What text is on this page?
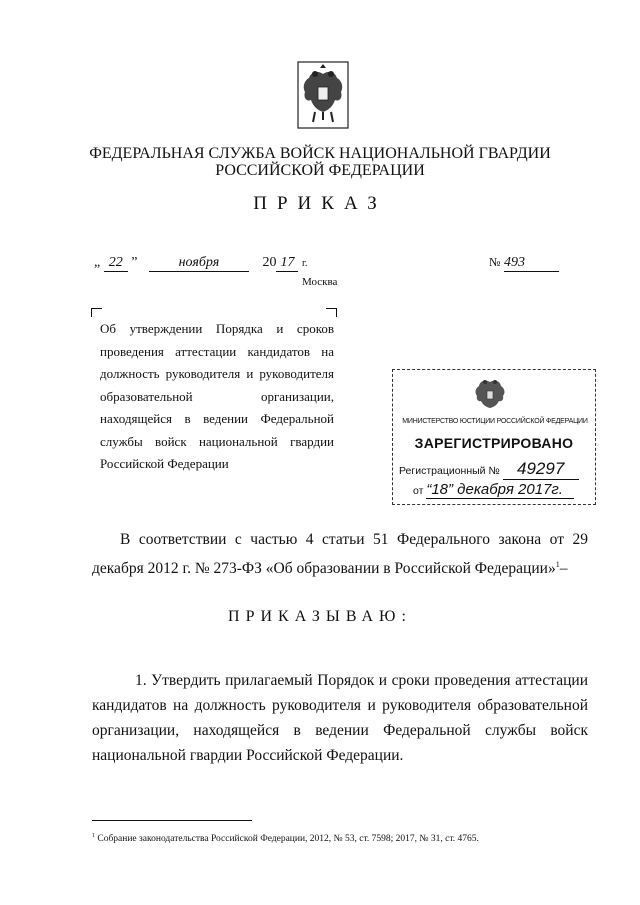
ФЕДЕРАЛЬНАЯ СЛУЖБА ВОЙСК НАЦИОНАЛЬНОЙ ГВАРДИИ
РОССИЙСКОЙ ФЕДЕРАЦИИ
ПРИКАЗ
„ 22 ”	ноября	20 17 г.	№ 493
Москва
Об утверждении Порядка и сроков проведения аттестации кандидатов на должность руководителя и руководителя образовательной организации, находящейся в ведении Федеральной службы войск национальной гвардии Российской Федерации
МИНИСТЕРСТВО ЮСТИЦИИ РОССИЙСКОЙ ФЕДЕРАЦИИ
ЗАРЕГИСТРИРОВАНО
Регистрационный № 49297
от “18” декабря 2017г.
В соответствии с частью 4 статьи 51 Федерального закона от 29 декабря 2012 г. № 273-ФЗ «Об образовании в Российской Федерации»$^1$–
ПРИКАЗЫВАЮ:
1. Утвердить прилагаемый Порядок и сроки проведения аттестации кандидатов на должность руководителя и руководителя образовательной организации, находящейся в ведении Федеральной службы войск национальной гвардии Российской Федерации.
$^1$ Собрание законодательства Российской Федерации, 2012, № 53, ст. 7598; 2017, № 31, ст. 4765.
